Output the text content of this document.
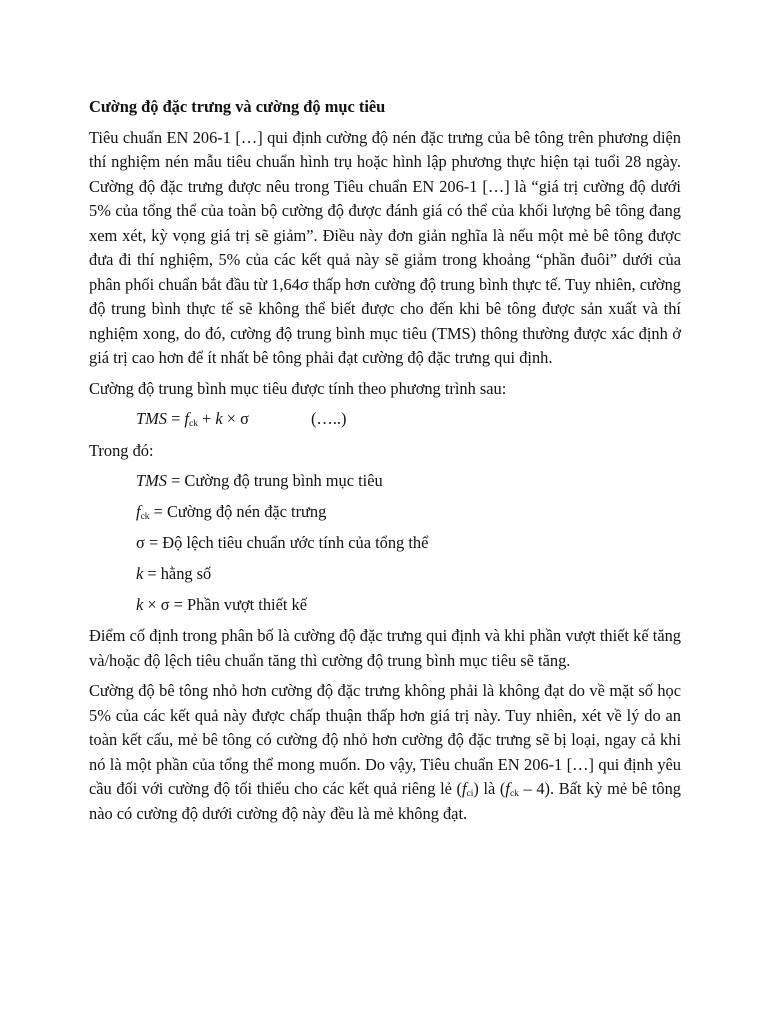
Cường độ đặc trưng và cường độ mục tiêu

Tiêu chuẩn EN 206-1 […] qui định cường độ nén đặc trưng của bê tông trên phương diện thí nghiệm nén mẫu tiêu chuẩn hình trụ hoặc hình lập phương thực hiện tại tuổi 28 ngày. Cường độ đặc trưng được nêu trong Tiêu chuẩn EN 206-1 […] là “giá trị cường độ dưới 5% của tổng thể của toàn bộ cường độ được đánh giá có thể của khối lượng bê tông đang xem xét, kỳ vọng giá trị sẽ giảm”. Điều này đơn giản nghĩa là nếu một mẻ bê tông được đưa đi thí nghiệm, 5% của các kết quả này sẽ giảm trong khoảng “phần đuôi” dưới của phân phối chuẩn bắt đầu từ 1,64σ thấp hơn cường độ trung bình thực tế. Tuy nhiên, cường độ trung bình thực tế sẽ không thể biết được cho đến khi bê tông được sản xuất và thí nghiệm xong, do đó, cường độ trung bình mục tiêu (TMS) thông thường được xác định ở giá trị cao hơn để ít nhất bê tông phải đạt cường độ đặc trưng qui định.

Cường độ trung bình mục tiêu được tính theo phương trình sau:

TMS = $f_{ck} + k \times \sigma$	(…..)

Trong đó:

TMS = Cường độ trung bình mục tiêu

$f_{ck}$ = Cường độ nén đặc trưng

σ = Độ lệch tiêu chuẩn ước tính của tổng thể

k = hằng số

k × σ = Phần vượt thiết kế

Điểm cố định trong phân bố là cường độ đặc trưng qui định và khi phần vượt thiết kế tăng và/hoặc độ lệch tiêu chuẩn tăng thì cường độ trung bình mục tiêu sẽ tăng.

Cường độ bê tông nhỏ hơn cường độ đặc trưng không phải là không đạt do về mặt số học 5% của các kết quả này được chấp thuận thấp hơn giá trị này. Tuy nhiên, xét về lý do an toàn kết cấu, mẻ bê tông có cường độ nhỏ hơn cường độ đặc trưng sẽ bị loại, ngay cả khi nó là một phần của tổng thể mong muốn. Do vậy, Tiêu chuẩn EN 206-1 […] qui định yêu cầu đối với cường độ tối thiểu cho các kết quả riêng lẻ $(f_{ci})$ là $(f_{ck} - 4)$. Bất kỳ mẻ bê tông nào có cường độ dưới cường độ này đều là mẻ không đạt.
